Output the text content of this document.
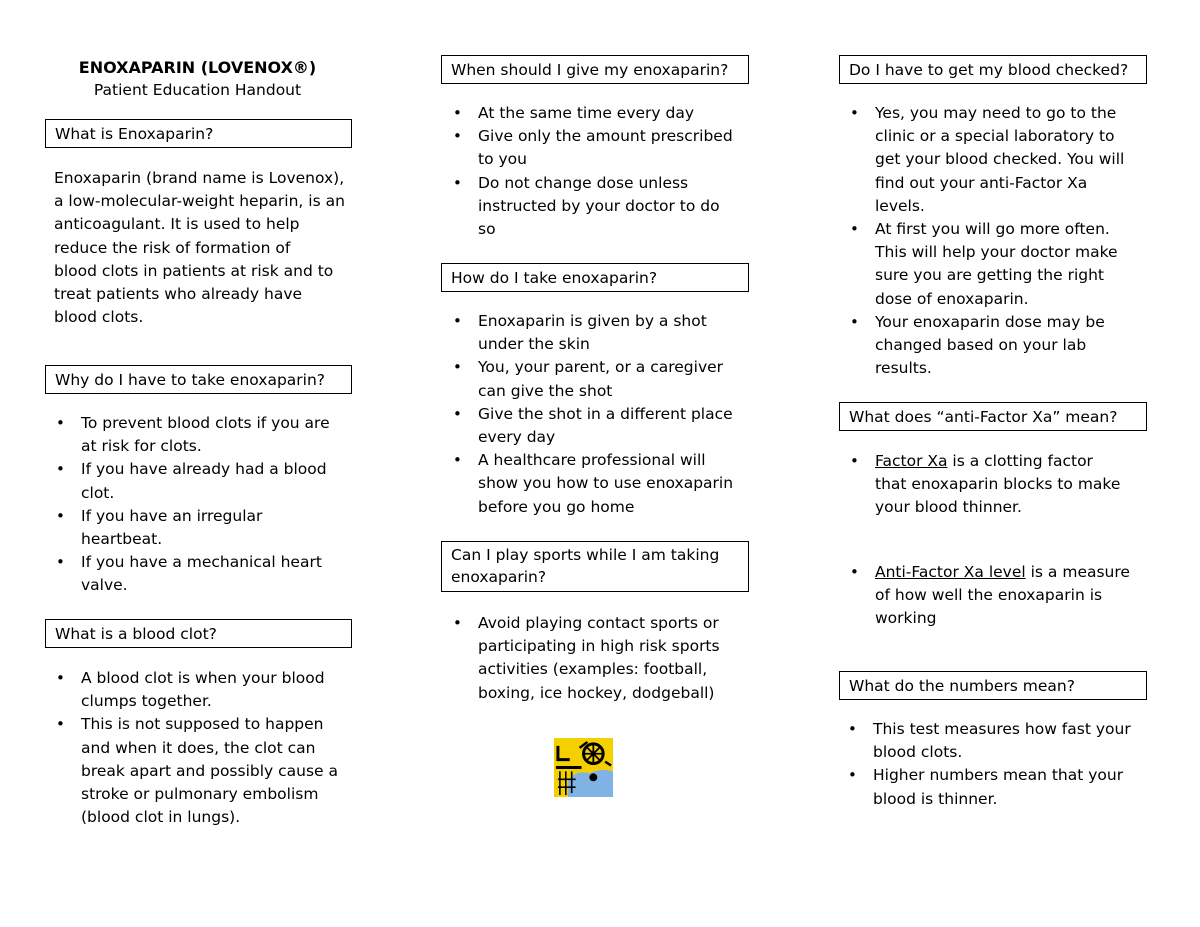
ENOXAPARIN (LOVENOX®)
Patient Education Handout
What is Enoxaparin?
Enoxaparin (brand name is Lovenox),
a low-molecular-weight heparin, is an
anticoagulant. It is used to help
reduce the risk of formation of
blood clots in patients at risk and to
treat patients who already have
blood clots.
Why do I have to take enoxaparin?
• To prevent blood clots if you are
at risk for clots.
• If you have already had a blood
clot.
• If you have an irregular
heartbeat.
• If you have a mechanical heart
valve.
What is a blood clot?
• A blood clot is when your blood
clumps together.
• This is not supposed to happen
and when it does, the clot can
break apart and possibly cause a
stroke or pulmonary embolism
(blood clot in lungs).
When should I give my enoxaparin?
• At the same time every day
• Give only the amount prescribed
to you
• Do not change dose unless
instructed by your doctor to do
so
How do I take enoxaparin?
• Enoxaparin is given by a shot
under the skin
• You, your parent, or a caregiver
can give the shot
• Give the shot in a different place
every day
• A healthcare professional will
show you how to use enoxaparin
before you go home
Can I play sports while I am taking
enoxaparin?
• Avoid playing contact sports or
participating in high risk sports
activities (examples: football,
boxing, ice hockey, dodgeball)
Do I have to get my blood checked?
• Yes, you may need to go to the
clinic or a special laboratory to
get your blood checked. You will
find out your anti-Factor Xa
levels.
• At first you will go more often.
This will help your doctor make
sure you are getting the right
dose of enoxaparin.
• Your enoxaparin dose may be
changed based on your lab
results.
What does “anti-Factor Xa” mean?
• Factor Xa is a clotting factor
that enoxaparin blocks to make
your blood thinner.
• Anti-Factor Xa level is a measure
of how well the enoxaparin is
working
What do the numbers mean?
• This test measures how fast your
blood clots.
• Higher numbers mean that your
blood is thinner.
